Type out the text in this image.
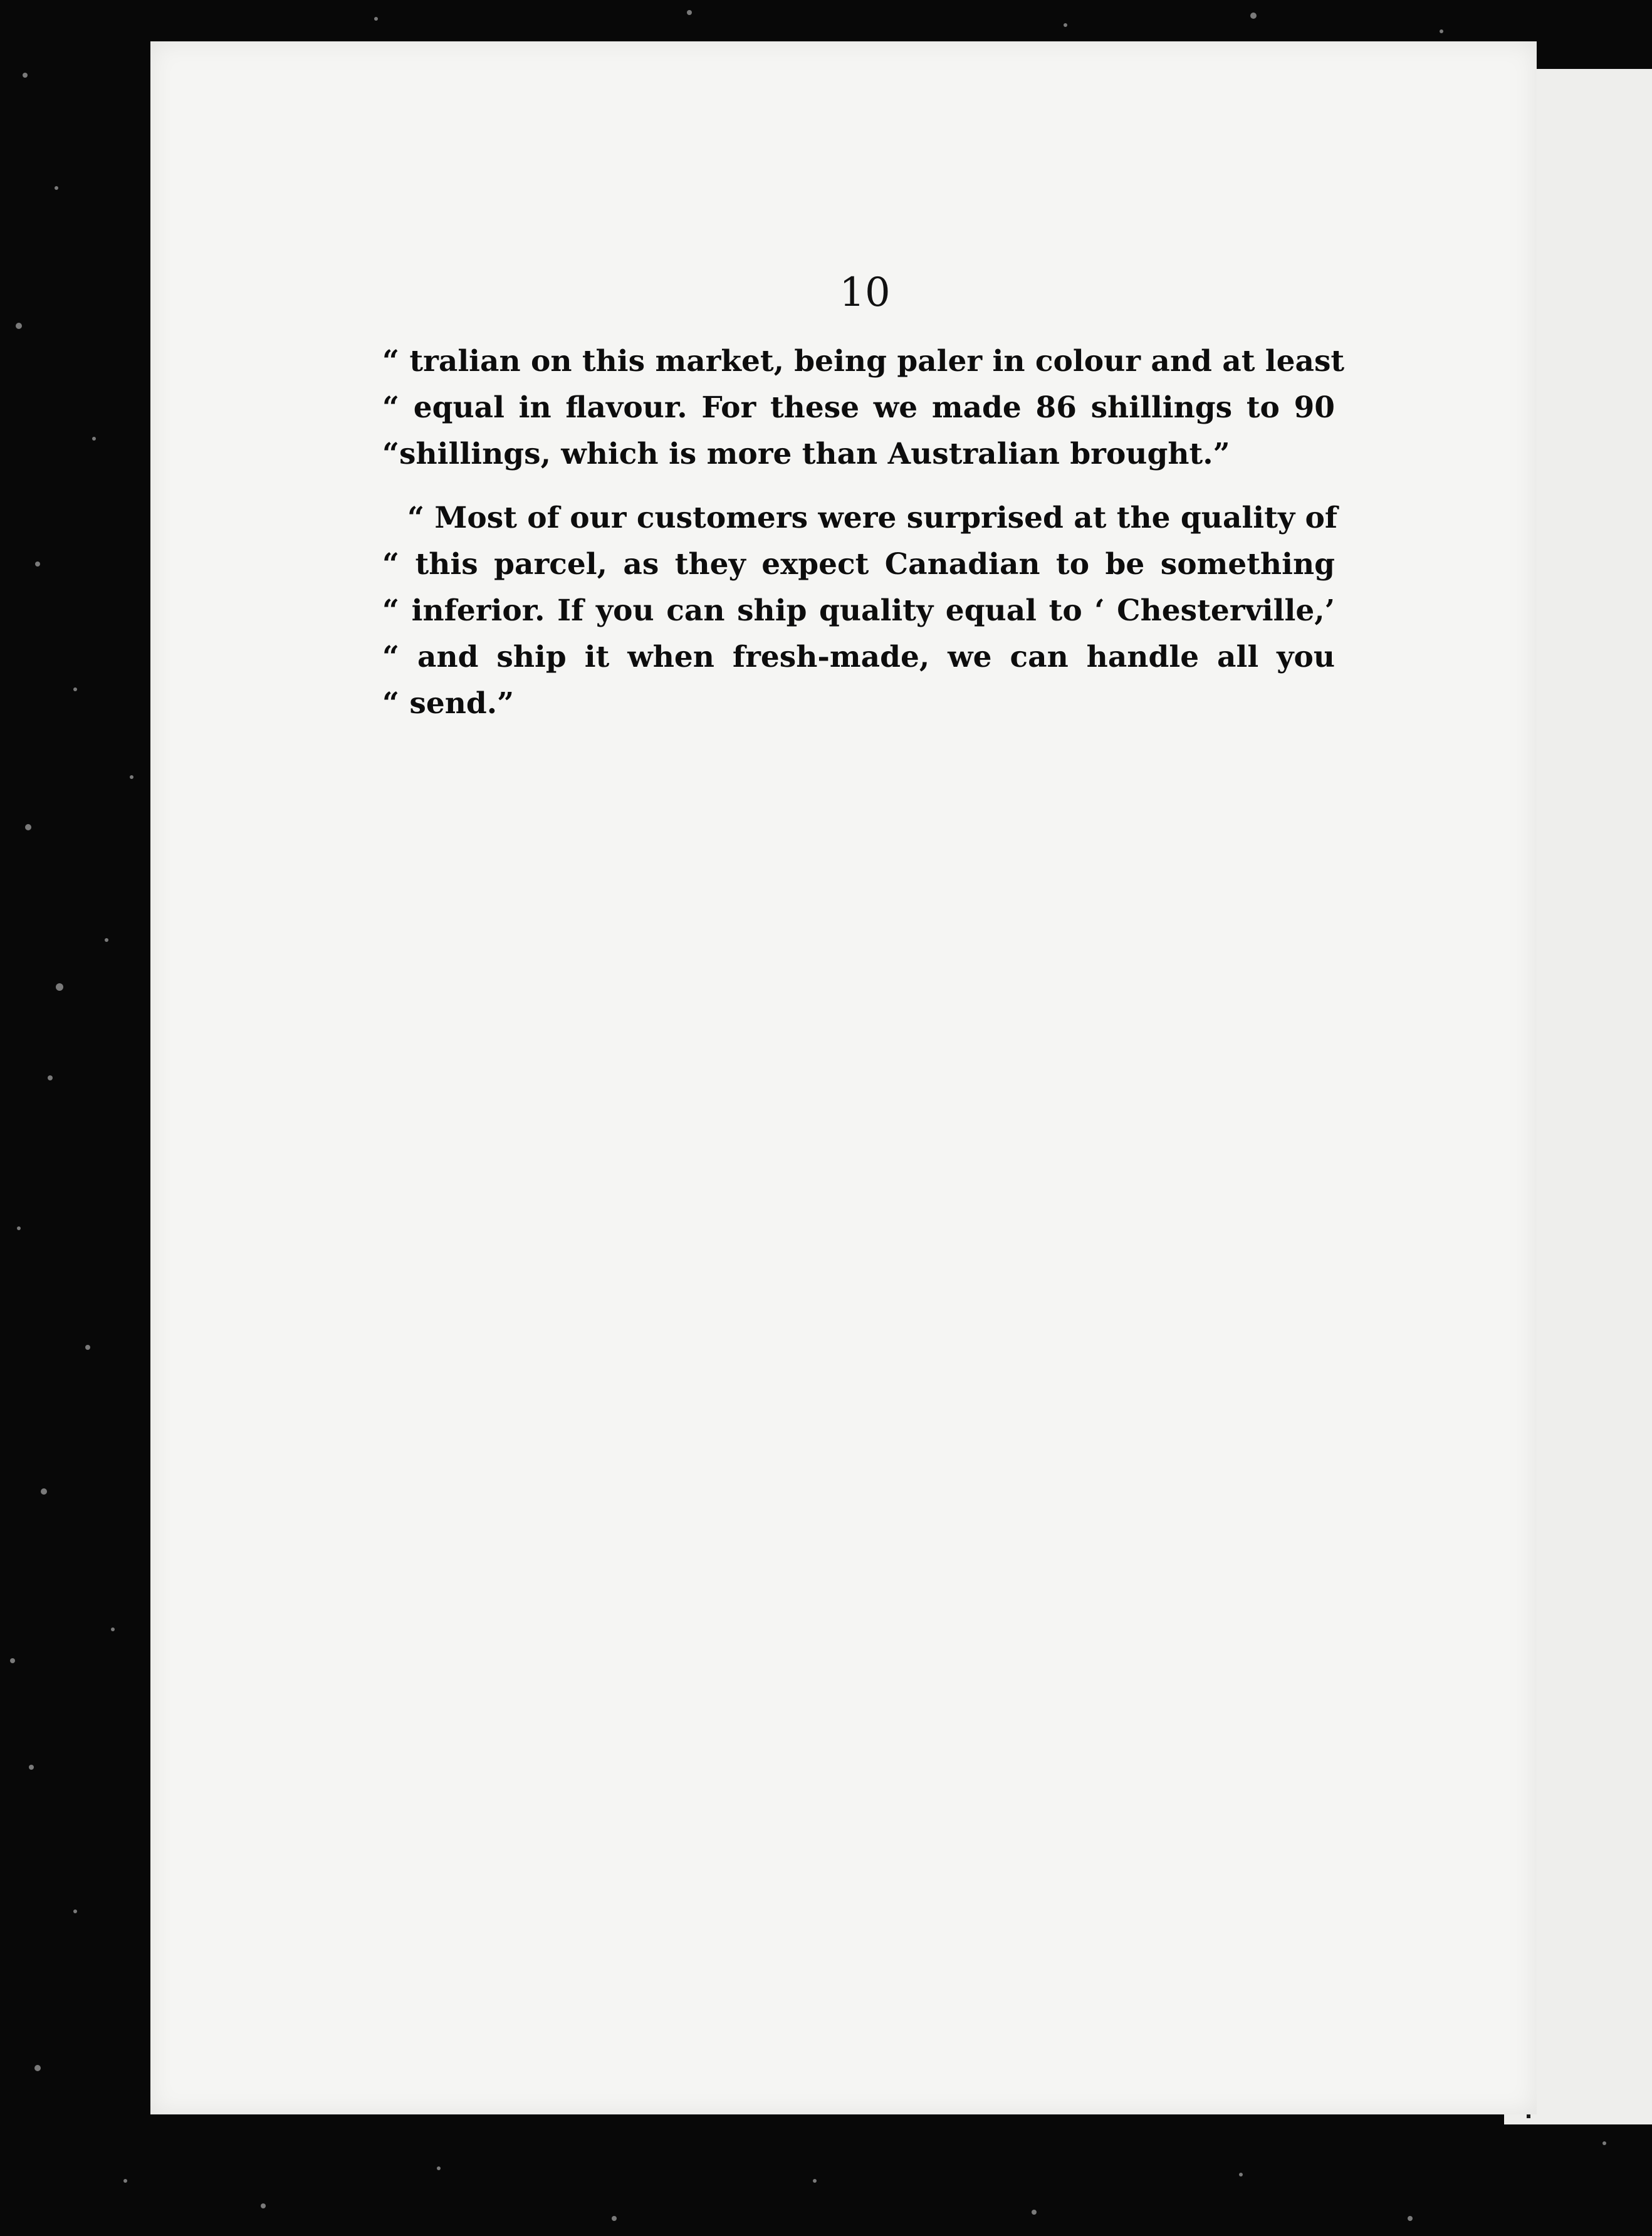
10

“ tralian on this market, being paler in colour and at least
“ equal in flavour. For these we made 86 shillings to 90
“shillings, which is more than Australian brought.”

“ Most of our customers were surprised at the quality of
“ this parcel, as they expect Canadian to be something
“ inferior. If you can ship quality equal to ‘ Chesterville,’
“ and ship it when fresh-made, we can handle all you
“ send.”
